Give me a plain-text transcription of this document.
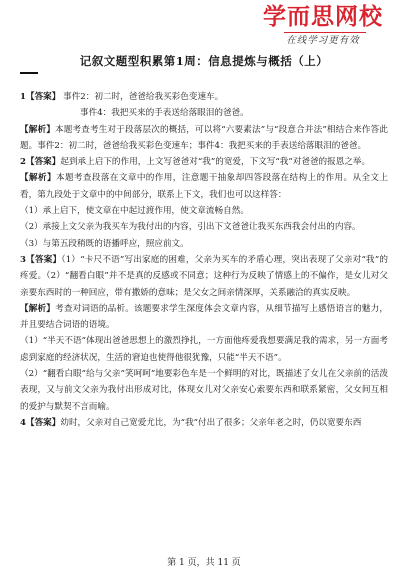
学而思网校
在线学习更有效
记叙文题型积累第1周：信息提炼与概括（上）

1【答案】 事件2：初二时，爸爸给我买彩色变速车。

事件4：我把买来的手表送给落眼泪的爸爸。

【解析】本题考查考生对于段落层次的概括，可以将“六要素法”与“段意合并法”相结合来作答此题。事件2：初二时，爸爸给我买彩色变速车；事件4：我把买来的手表送给落眼泪的爸爸。

2【答案】起到承上启下的作用，上文写爸爸对“我”的宽爱，下文写“我”对爸爸的报恩之举。

【解析】本题考查段落在文章中的作用，注意题干抽象却四答段落在结构上的作用。从全文上看，第九段处于文章中的中间部分，联系上下文，我们也可以这样答：

（1）承上启下，使文章在中起过渡作用，使文章流畅自然。

（2）承接上文父亲为我买车为我付出的内容，引出下文爸爸让我买东西我会付出的内容。

（3）与第五段稍既的语播呼应，照应前文。

3【答案】（1）“卡尺不语”写出家庭的困难，父亲为买车的矛盾心理，突出表现了父亲对“我”的疼爱。（2）“翻看白眼”并不是真的反感或不同意；这种行为反映了情感上的不偏作，是女儿对父亲要东西时的一种回应，带有撒娇的意味；是父女之间亲情深厚，关系融洽的真实反映。

【解析】考查对词语的品析。该题要求学生深度体会文章内容，从细节描写上感悟语言的魅力，并且要结合词语的语境。

（1）“半天不语”体现出爸爸思想上的激烈挣扎，一方面他疼爱我想要满足我的需求，另一方面考虑到家庭的经济状况，生活的窘迫也使得他很犹豫，只能“半天不语”。

（2）“翻看白眼”给与父亲“笑呵呵”地要彩色车是一个鲜明的对比，既描述了女儿在父亲前的活泼表现，又与前文父亲为我付出形成对比，体现女儿对父亲安心索要东西和联系紧密，父女间互相的爱护与默契不言而喻。

4【答案】幼时，父亲对自己宽爱尤比，为“我”付出了很多；父亲年老之时，仍以宽要东西

第 1 页，共 11 页
